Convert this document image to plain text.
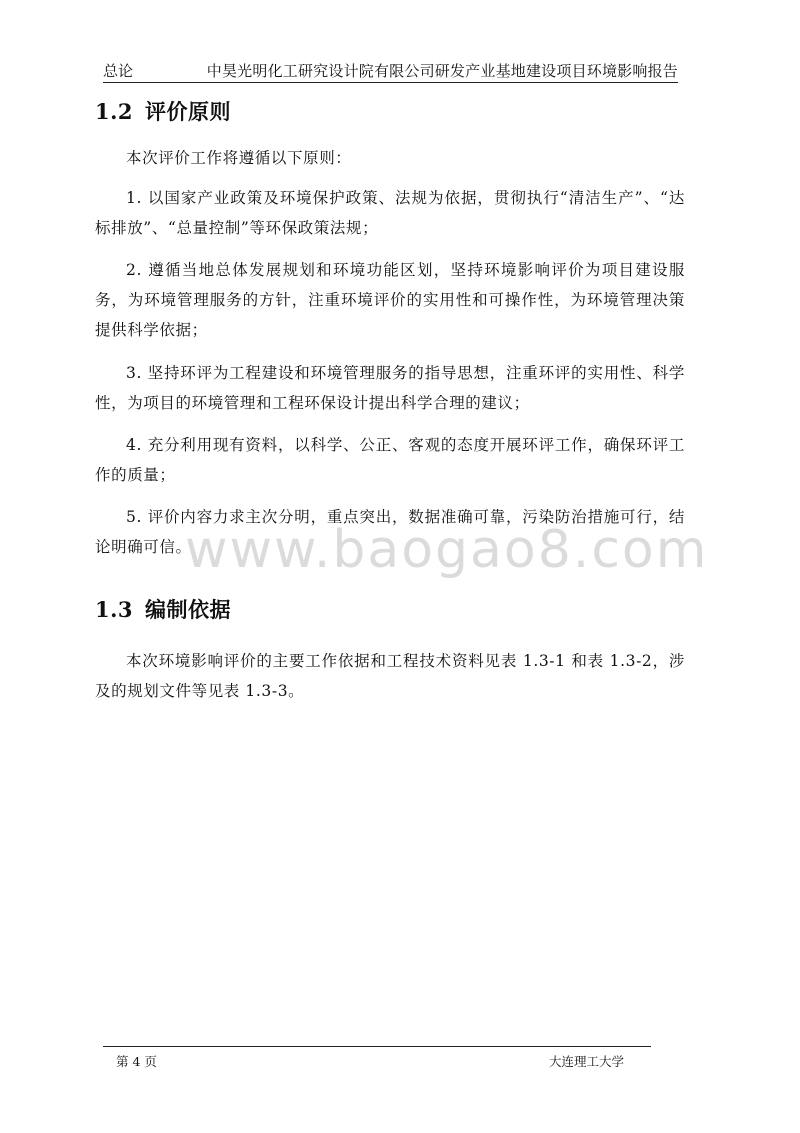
总论	中昊光明化工研究设计院有限公司研发产业基地建设项目环境影响报告
1.2 评价原则

本次评价工作将遵循以下原则：

1. 以国家产业政策及环境保护政策、法规为依据，贯彻执行“清洁生产”、“达标排放”、“总量控制”等环保政策法规；

2. 遵循当地总体发展规划和环境功能区划，坚持环境影响评价为项目建设服务，为环境管理服务的方针，注重环境评价的实用性和可操作性，为环境管理决策提供科学依据；

3. 坚持环评为工程建设和环境管理服务的指导思想，注重环评的实用性、科学性，为项目的环境管理和工程环保设计提出科学合理的建议；

4. 充分利用现有资料，以科学、公正、客观的态度开展环评工作，确保环评工作的质量；

5. 评价内容力求主次分明，重点突出，数据准确可靠，污染防治措施可行，结论明确可信。

www.baogao8.com
1.3 编制依据

本次环境影响评价的主要工作依据和工程技术资料见表 1.3-1 和表 1.3-2，涉及的规划文件等见表 1.3-3。

第 4 页	大连理工大学
